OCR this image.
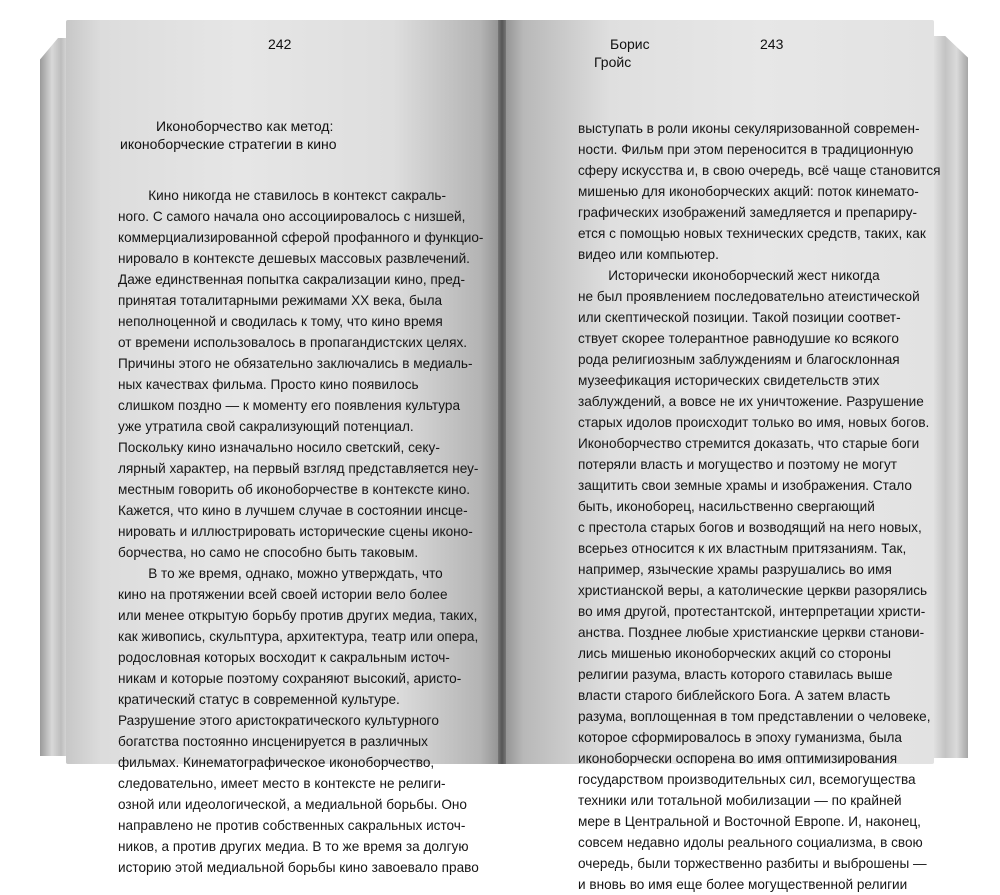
242
Иконоборчество как метод:
иконоборческие стратегии в кино
Кино никогда не ставилось в контекст сакраль-
ного. С самого начала оно ассоциировалось с низшей,
коммерциализированной сферой профанного и функцио-
нировало в контексте дешевых массовых развлечений.
Даже единственная попытка сакрализации кино, пред-
принятая тоталитарными режимами XX века, была
неполноценной и сводилась к тому, что кино время
от времени использовалось в пропагандистских целях.
Причины этого не обязательно заключались в медиаль-
ных качествах фильма. Просто кино появилось
слишком поздно — к моменту его появления культура
уже утратила свой сакрализующий потенциал.
Поскольку кино изначально носило светский, секу-
лярный характер, на первый взгляд представляется неу-
местным говорить об иконоборчестве в контексте кино.
Кажется, что кино в лучшем случае в состоянии инсце-
нировать и иллюстрировать исторические сцены иконо-
борчества, но само не способно быть таковым.
В то же время, однако, можно утверждать, что
кино на протяжении всей своей истории вело более
или менее открытую борьбу против других медиа, таких,
как живопись, скульптура, архитектура, театр или опера,
родословная которых восходит к сакральным источ-
никам и которые поэтому сохраняют высокий, аристо-
кратический статус в современной культуре.
Разрушение этого аристократического культурного
богатства постоянно инсценируется в различных
фильмах. Кинематографическое иконоборчество,
следовательно, имеет место в контексте не религи-
озной или идеологической, а медиальной борьбы. Оно
направлено не против собственных сакральных источ-
ников, а против других медиа. В то же время за долгую
историю этой медиальной борьбы кино завоевало право
Борис
Гройс
243
выступать в роли иконы секуляризованной современ-
ности. Фильм при этом переносится в традиционную
сферу искусства и, в свою очередь, всё чаще становится
мишенью для иконоборческих акций: поток кинемато-
графических изображений замедляется и препариру-
ется с помощью новых технических средств, таких, как
видео или компьютер.
Исторически иконоборческий жест никогда
не был проявлением последовательно атеистической
или скептической позиции. Такой позиции соответ-
ствует скорее толерантное равнодушие ко всякого
рода религиозным заблуждениям и благосклонная
музеефикация исторических свидетельств этих
заблуждений, а вовсе не их уничтожение. Разрушение
старых идолов происходит только во имя, новых богов.
Иконоборчество стремится доказать, что старые боги
потеряли власть и могущество и поэтому не могут
защитить свои земные храмы и изображения. Стало
быть, иконоборец, насильственно свергающий
с престола старых богов и возводящий на него новых,
всерьез относится к их властным притязаниям. Так,
например, языческие храмы разрушались во имя
христианской веры, а католические церкви разорялись
во имя другой, протестантской, интерпретации христи-
анства. Позднее любые христианские церкви станови-
лись мишенью иконоборческих акций со стороны
религии разума, власть которого ставилась выше
власти старого библейского Бога. А затем власть
разума, воплощенная в том представлении о человеке,
которое сформировалось в эпоху гуманизма, была
иконоборчески оспорена во имя оптимизирования
государством производительных сил, всемогущества
техники или тотальной мобилизации — по крайней
мере в Центральной и Восточной Европе. И, наконец,
совсем недавно идолы реального социализма, в свою
очередь, были торжественно разбиты и выброшены —
и вновь во имя еще более могущественной религии
